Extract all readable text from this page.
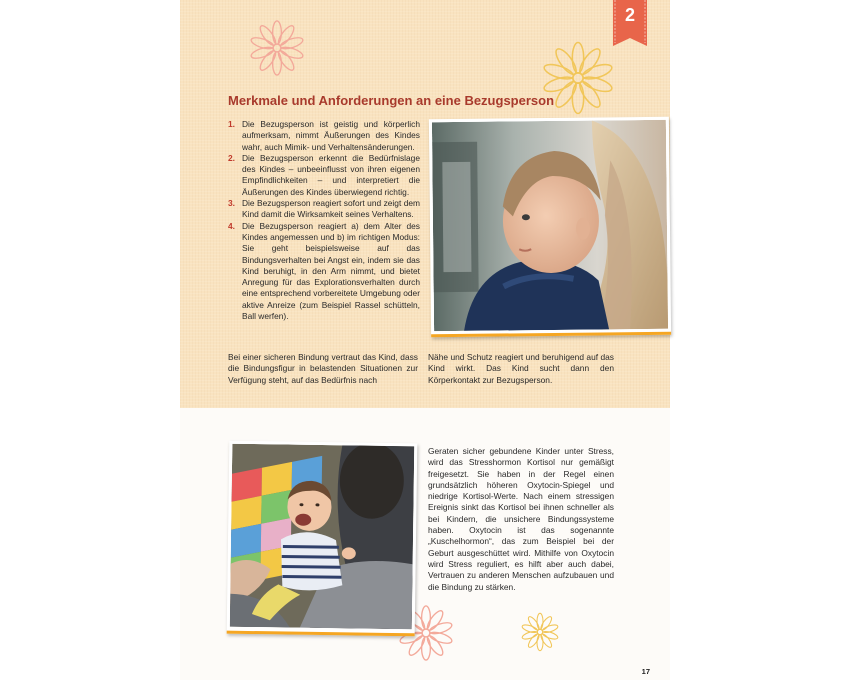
2
Merkmale und Anforderungen an eine Bezugsperson
1. Die Bezugsperson ist geistig und körperlich aufmerksam, nimmt Äußerungen des Kindes wahr, auch Mimik- und Verhaltensänderungen.
2. Die Bezugsperson erkennt die Bedürfnislage des Kindes – unbeeinflusst von ihren eigenen Empfindlichkeiten – und interpretiert die Äußerungen des Kindes überwiegend richtig.
3. Die Bezugsperson reagiert sofort und zeigt dem Kind damit die Wirksamkeit seines Verhaltens.
4. Die Bezugsperson reagiert a) dem Alter des Kindes angemessen und b) im richtigen Modus: Sie geht beispielsweise auf das Bindungsverhalten bei Angst ein, indem sie das Kind beruhigt, in den Arm nimmt, und bietet Anregung für das Explorationsverhalten durch eine entsprechend vorbereitete Umgebung oder aktive Anreize (zum Beispiel Rassel schütteln, Ball werfen).
Bei einer sicheren Bindung vertraut das Kind, dass die Bindungsfigur in belastenden Situationen zur Verfügung steht, auf das Bedürfnis nach
Nähe und Schutz reagiert und beruhigend auf das Kind wirkt. Das Kind sucht dann den Körperkontakt zur Bezugsperson.
Geraten sicher gebundene Kinder unter Stress, wird das Stresshormon Kortisol nur gemäßigt freigesetzt. Sie haben in der Regel einen grundsätzlich höheren Oxytocin-Spiegel und niedrige Kortisol-Werte. Nach einem stressigen Ereignis sinkt das Kortisol bei ihnen schneller als bei Kindern, die unsichere Bindungssysteme haben. Oxytocin ist das sogenannte „Kuschelhormon“, das zum Beispiel bei der Geburt ausgeschüttet wird. Mithilfe von Oxytocin wird Stress reguliert, es hilft aber auch dabei, Vertrauen zu anderen Menschen aufzubauen und die Bindung zu stärken.
17
